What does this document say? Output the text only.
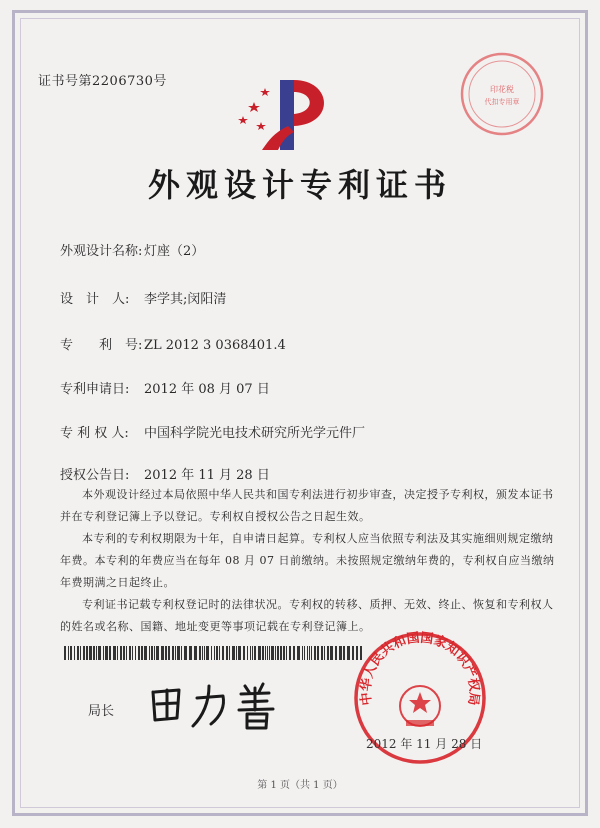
证书号第2206730号
印花税
代扣专用章
外观设计专利证书
外观设计名称: 灯座（2）
设　计　人: 李学其;闵阳清
专　　利　号: ZL 2012 3 0368401.4
专利申请日: 2012 年 08 月 07 日
专 利 权 人: 中国科学院光电技术研究所光学元件厂
授权公告日: 2012 年 11 月 28 日

本外观设计经过本局依照中华人民共和国专利法进行初步审查，决定授予专利权，颁发本证书并在专利登记簿上予以登记。专利权自授权公告之日起生效。

本专利的专利权期限为十年，自申请日起算。专利权人应当依照专利法及其实施细则规定缴纳年费。本专利的年费应当在每年 08 月 07 日前缴纳。未按照规定缴纳年费的，专利权自应当缴纳年费期满之日起终止。

专利证书记载专利权登记时的法律状况。专利权的转移、质押、无效、终止、恢复和专利权人的姓名或名称、国籍、地址变更等事项记载在专利登记簿上。

局长
中华人民共和国国家知识产权局
2012 年 11 月 28 日
第 1 页（共 1 页）
